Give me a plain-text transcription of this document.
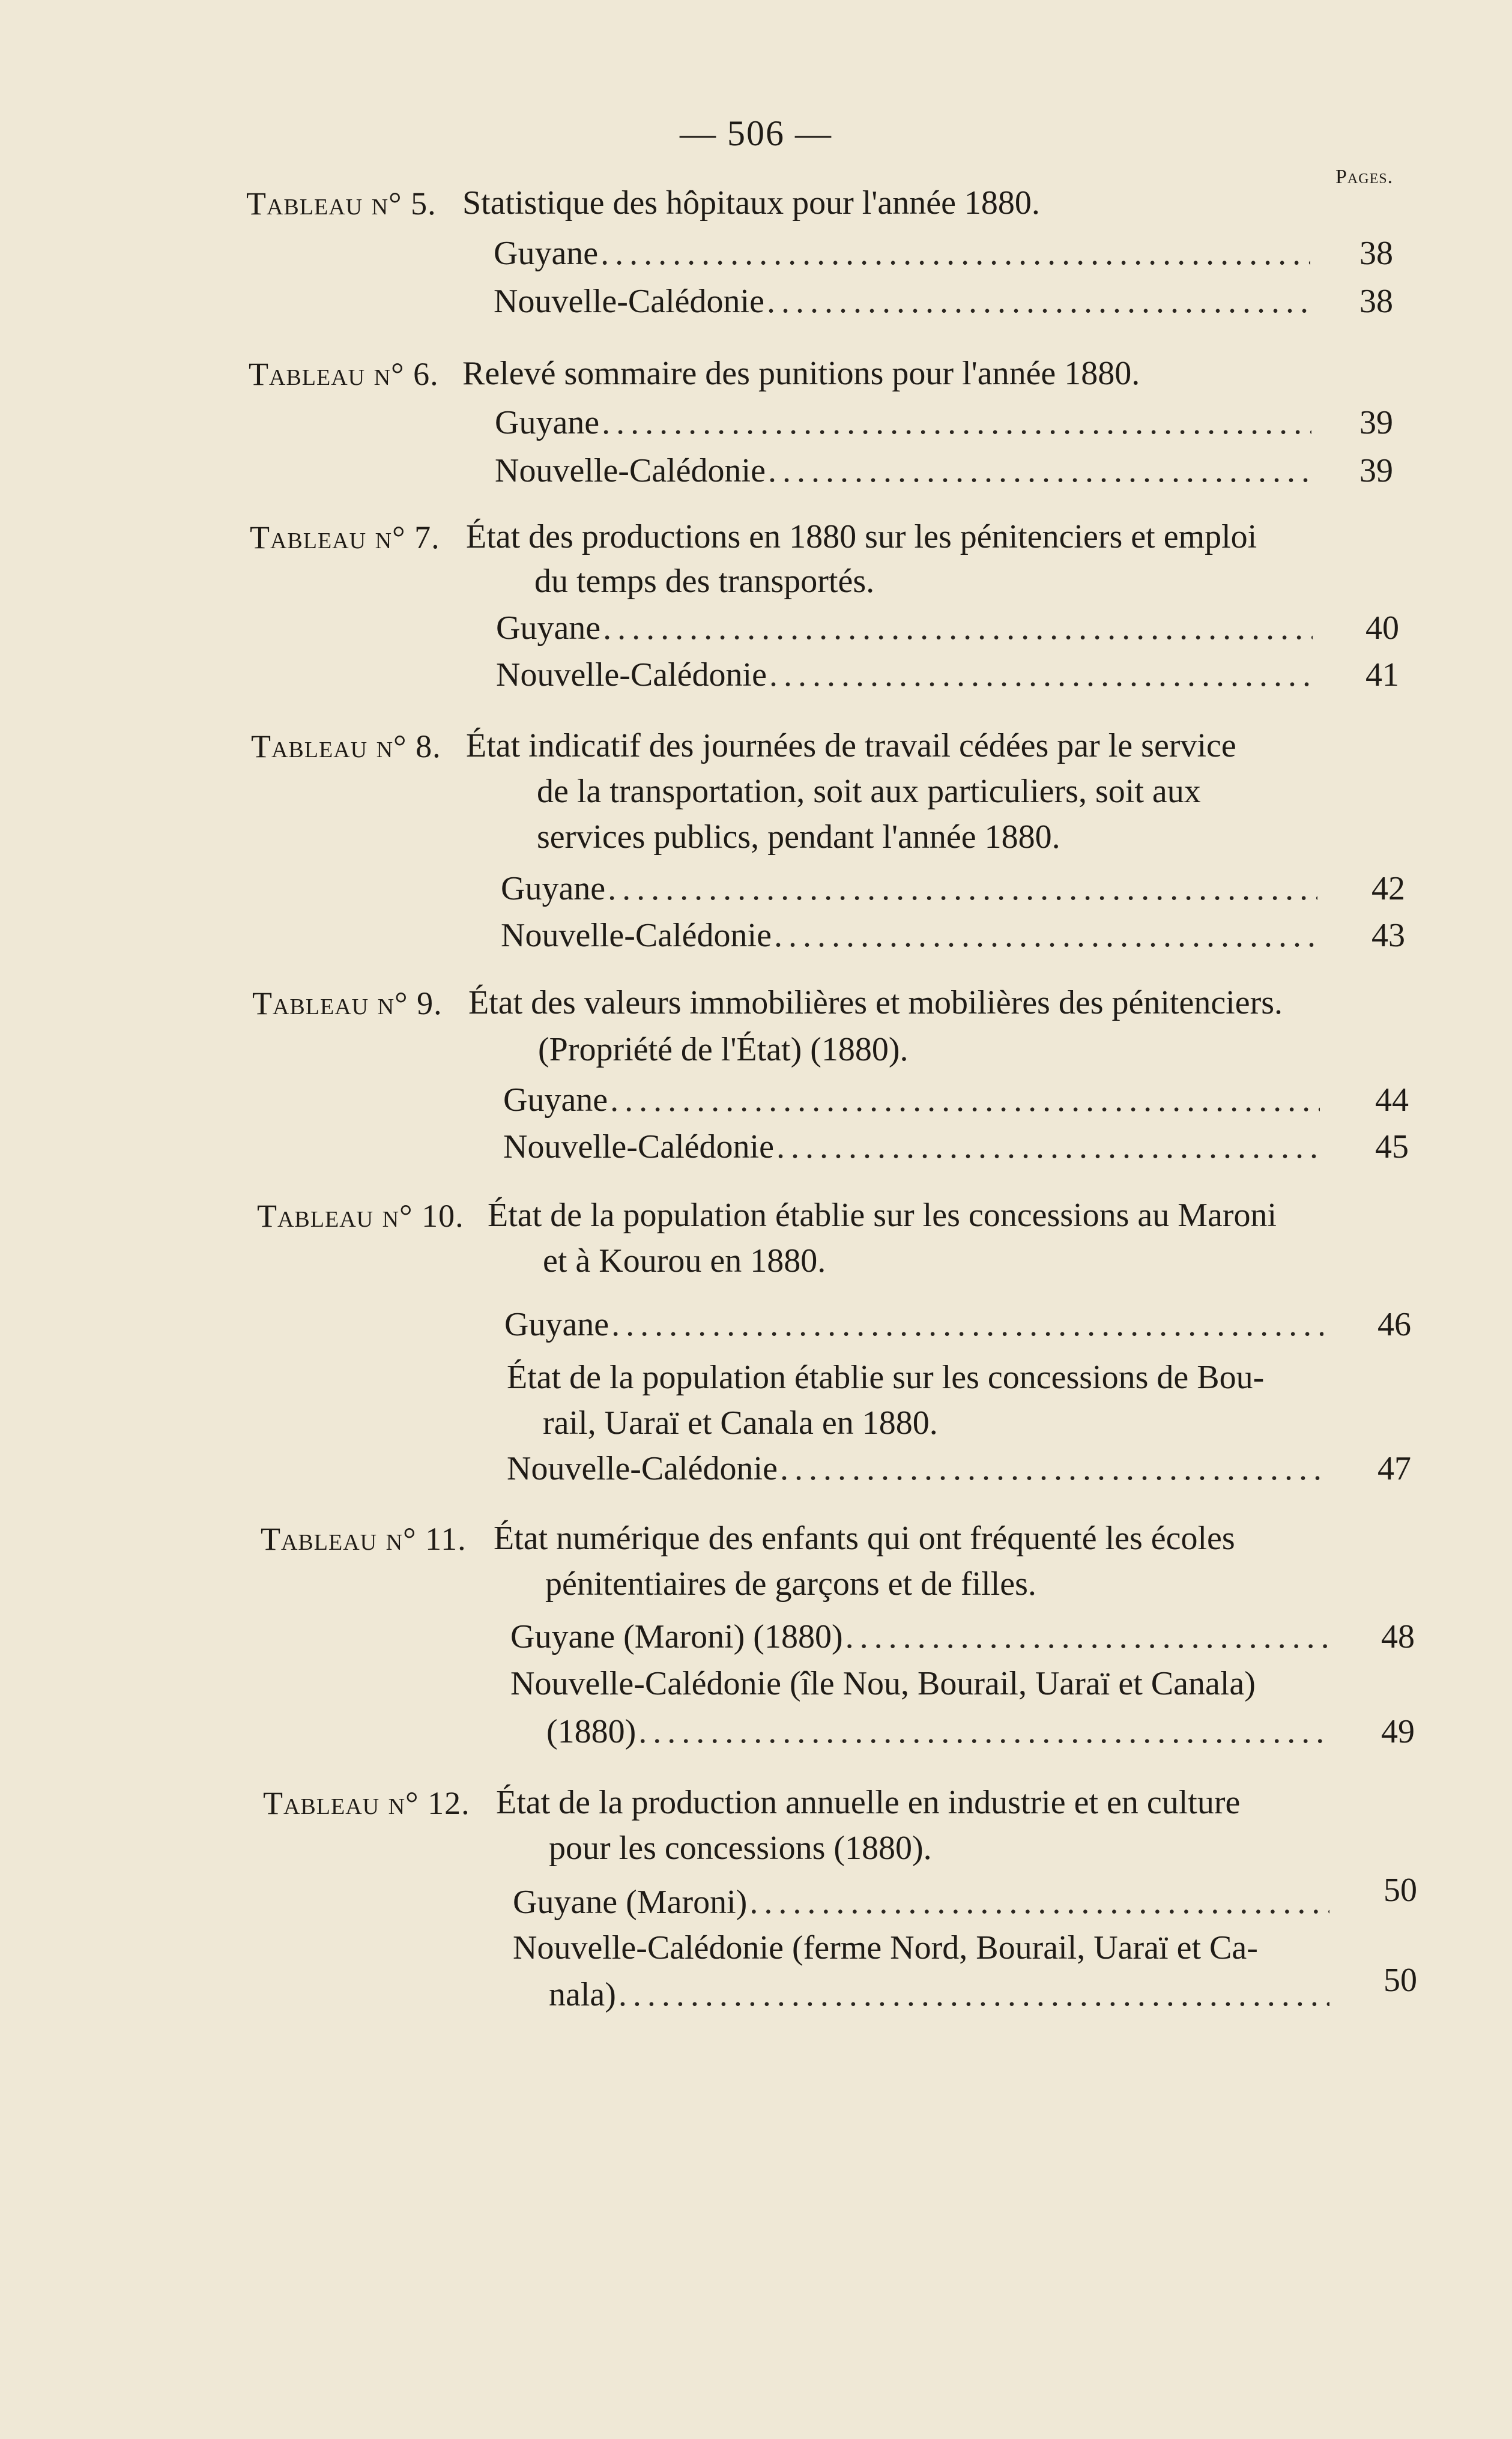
— 506 —
Pages.
Tableau n° 5. Statistique des hôpitaux pour l'année 1880.
Guyane .....	38
Nouvelle-Calédonie .....	38
Tableau n° 6. Relevé sommaire des punitions pour l'année 1880.
Guyane .....	39
Nouvelle-Calédonie .....	39
Tableau n° 7. État des productions en 1880 sur les pénitenciers et emploi
du temps des transportés.
Guyane .....	40
Nouvelle-Calédonie .....	41
Tableau n° 8. État indicatif des journées de travail cédées par le service
de la transportation, soit aux particuliers, soit aux
services publics, pendant l'année 1880.
Guyane .....	42
Nouvelle-Calédonie .....	43
Tableau n° 9. État des valeurs immobilières et mobilières des pénitenciers.
(Propriété de l'État) (1880).
Guyane .....	44
Nouvelle-Calédonie .....	45
Tableau n° 10. État de la population établie sur les concessions au Maroni
et à Kourou en 1880.
Guyane .....	46
État de la population établie sur les concessions de Bou-
rail, Uaraï et Canala en 1880.
Nouvelle-Calédonie .....	47
Tableau n° 11. État numérique des enfants qui ont fréquenté les écoles
pénitentiaires de garçons et de filles.
Guyane (Maroni) (1880) .....	48
Nouvelle-Calédonie (île Nou, Bourail, Uaraï et Canala)
(1880) .....	49
Tableau n° 12. État de la production annuelle en industrie et en culture
pour les concessions (1880).
Guyane (Maroni) .....	50
Nouvelle-Calédonie (ferme Nord, Bourail, Uaraï et Ca-
nala) .....	50
